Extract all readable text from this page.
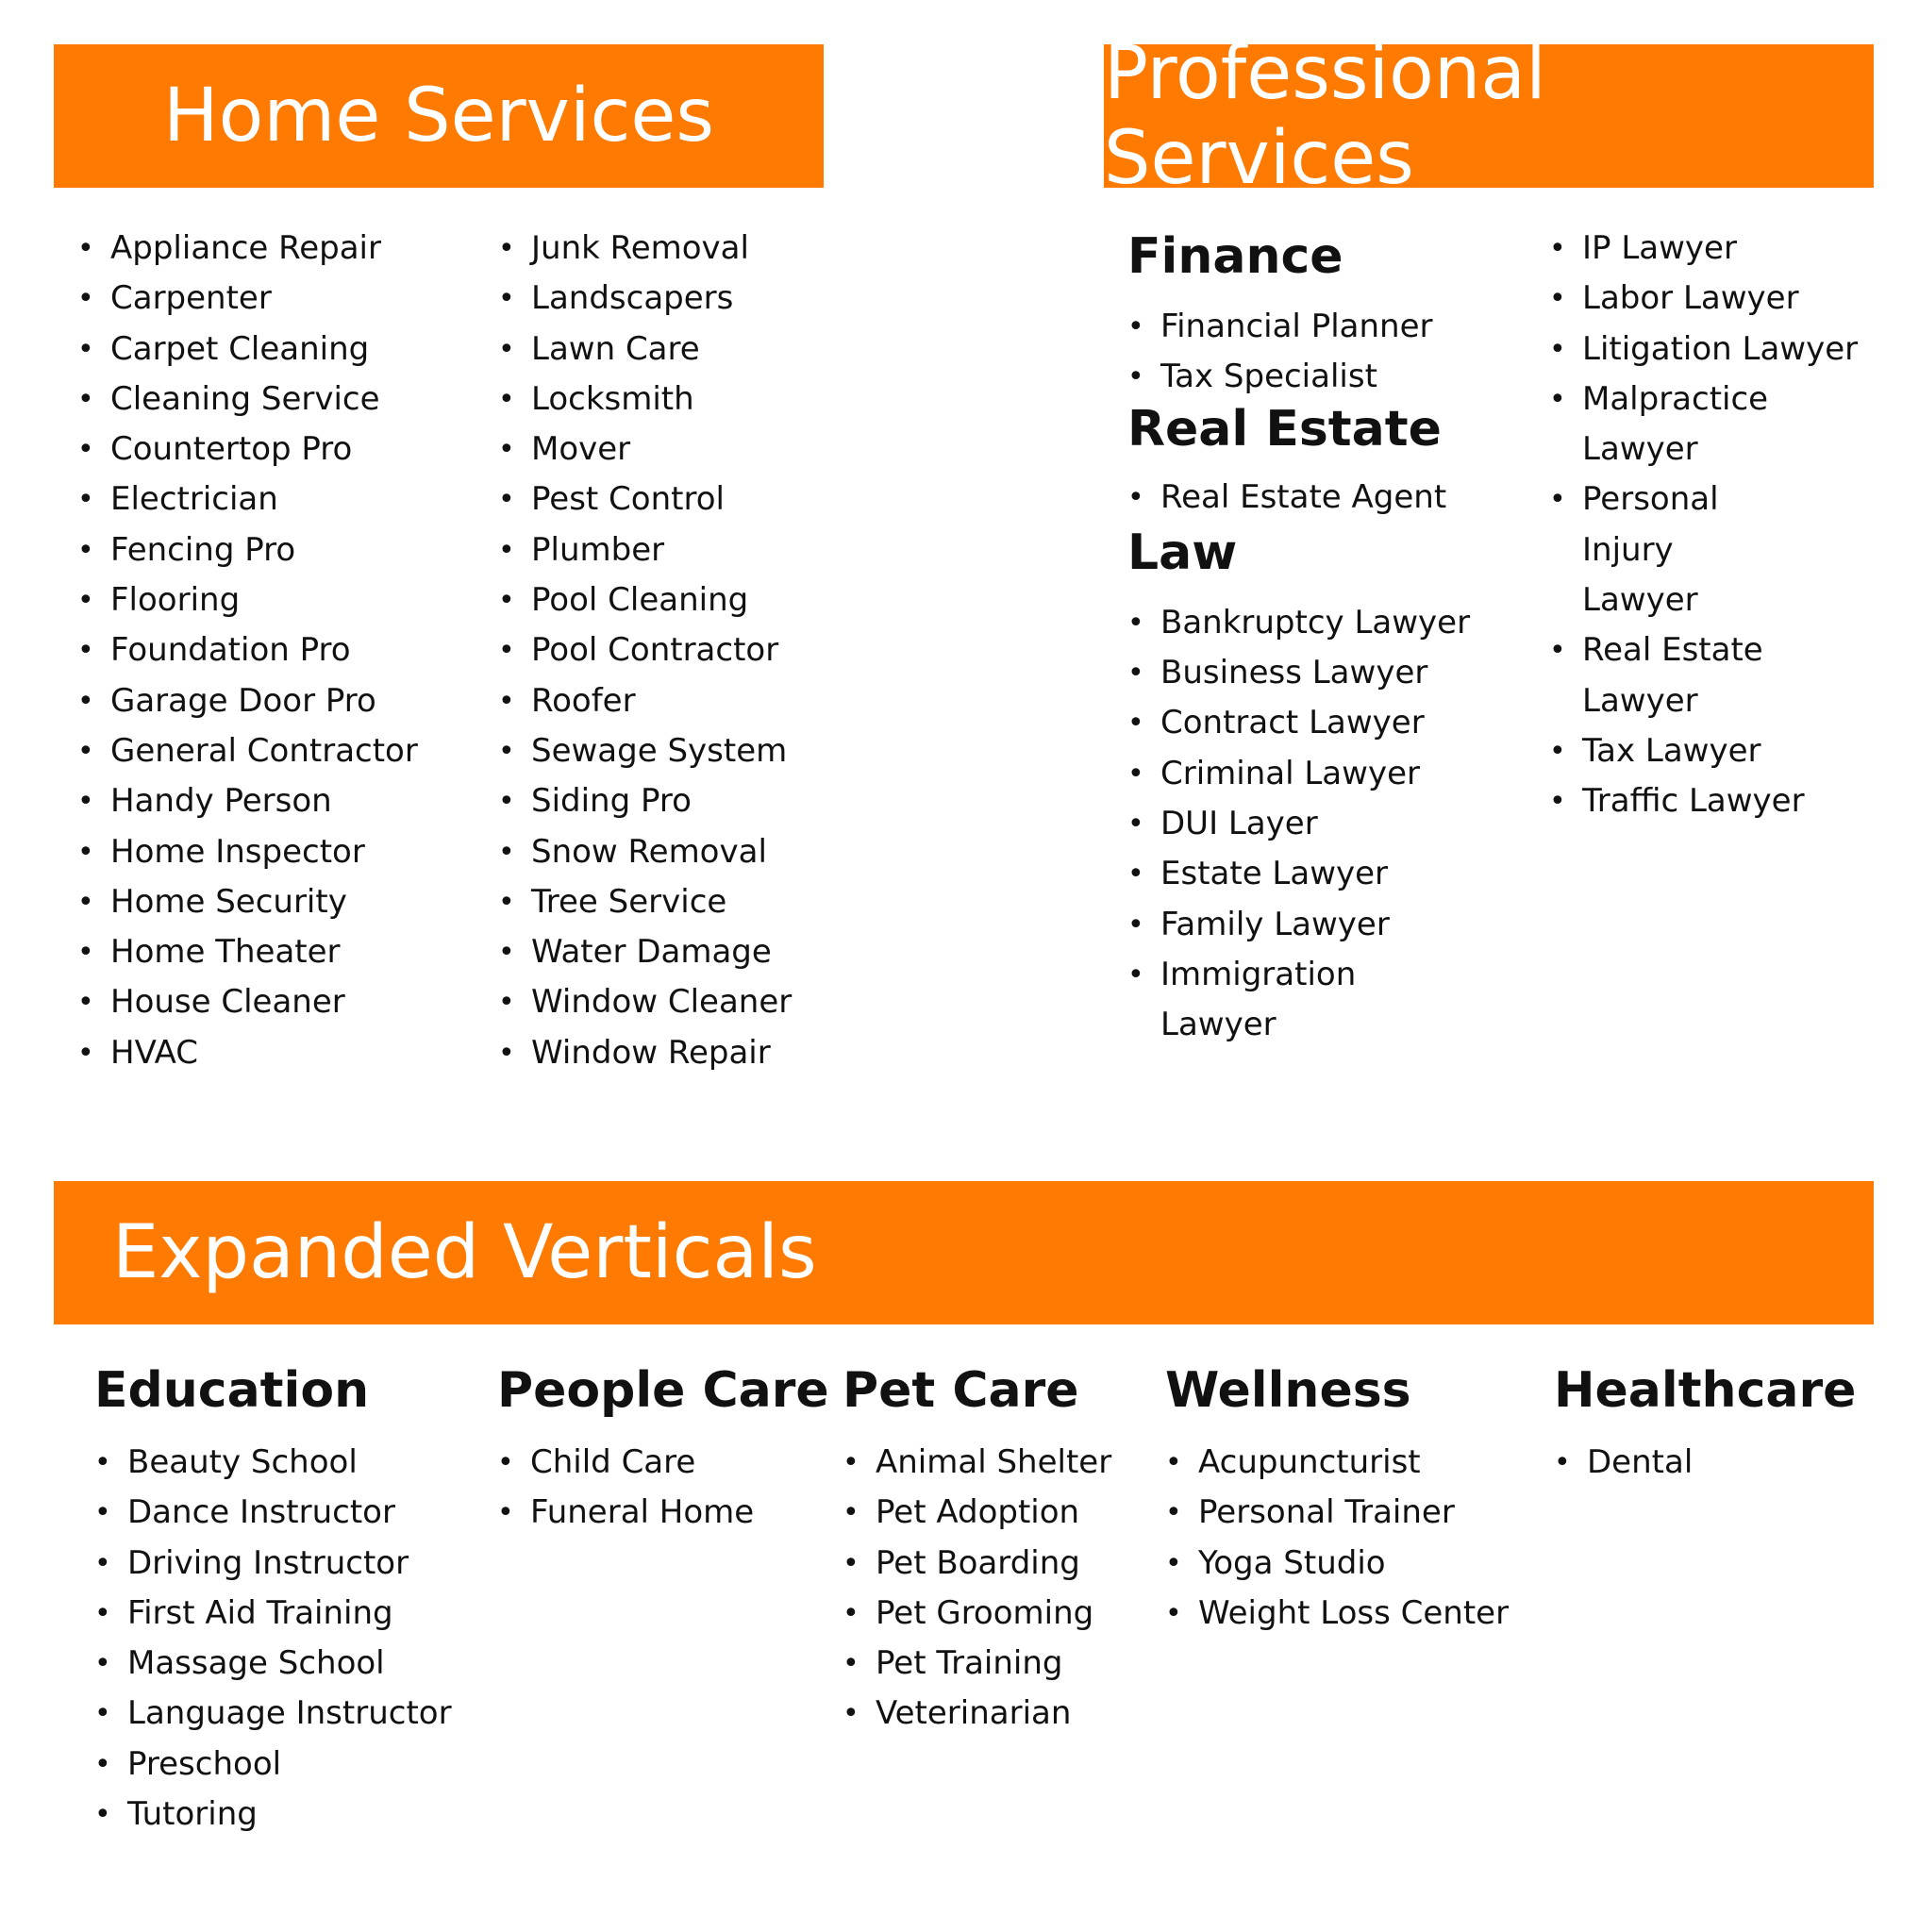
Home Services	Professional Services
Expanded Verticals
• Appliance Repair
• Carpenter
• Carpet Cleaning
• Cleaning Service
• Countertop Pro
• Electrician
• Fencing Pro
• Flooring
• Foundation Pro
• Garage Door Pro
• General Contractor
• Handy Person
• Home Inspector
• Home Security
• Home Theater
• House Cleaner
• HVAC
• Junk Removal
• Landscapers
• Lawn Care
• Locksmith
• Mover
• Pest Control
• Plumber
• Pool Cleaning
• Pool Contractor
• Roofer
• Sewage System
• Siding Pro
• Snow Removal
• Tree Service
• Water Damage
• Window Cleaner
• Window Repair
Finance
• Financial Planner
• Tax Specialist
Real Estate
• Real Estate Agent
Law
• Bankruptcy Lawyer
• Business Lawyer
• Contract Lawyer
• Criminal Lawyer
• DUI Layer
• Estate Lawyer
• Family Lawyer
• Immigration Lawyer
• IP Lawyer
• Labor Lawyer
• Litigation Lawyer
• Malpractice Lawyer
• Personal Injury Lawyer
• Real Estate Lawyer
• Tax Lawyer
• Traffic Lawyer
Education
• Beauty School
• Dance Instructor
• Driving Instructor
• First Aid Training
• Massage School
• Language Instructor
• Preschool
• Tutoring
People Care
• Child Care
• Funeral Home
Pet Care
• Animal Shelter
• Pet Adoption
• Pet Boarding
• Pet Grooming
• Pet Training
• Veterinarian
Wellness
• Acupuncturist
• Personal Trainer
• Yoga Studio
• Weight Loss Center
Healthcare
• Dental
